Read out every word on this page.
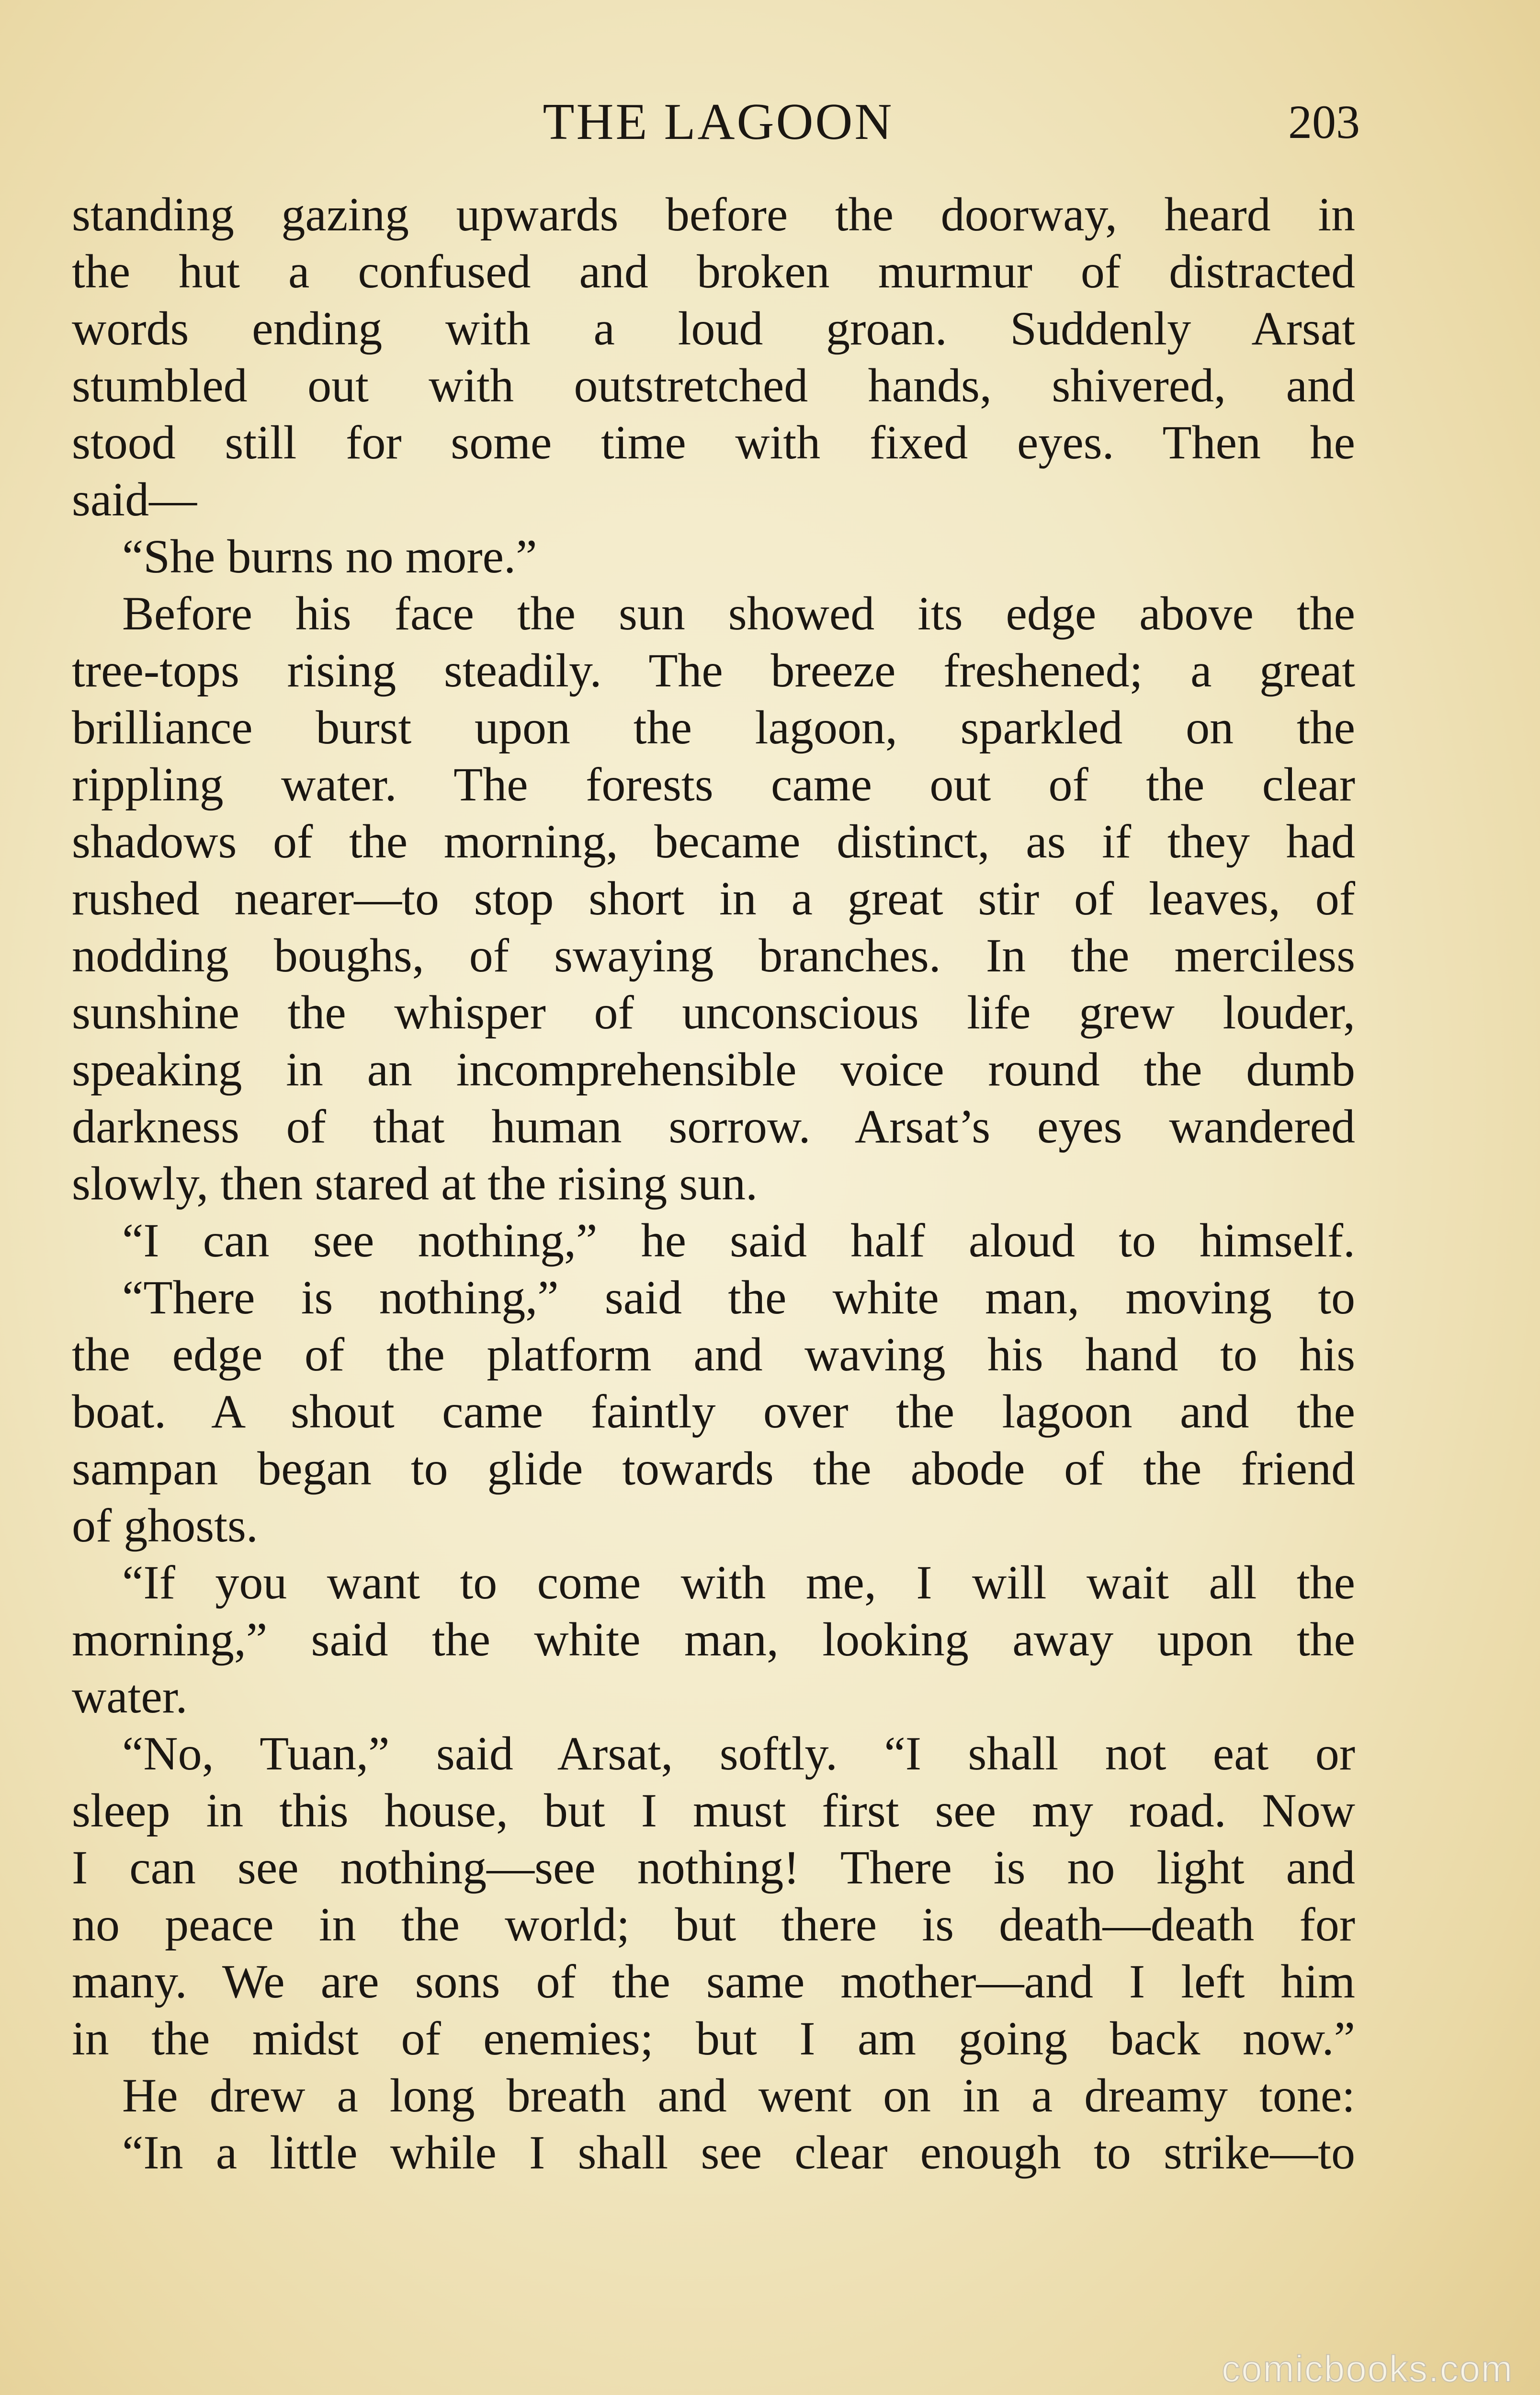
THE LAGOON	203
standing gazing upwards before the doorway, heard in
the hut a confused and broken murmur of distracted
words ending with a loud groan. Suddenly Arsat
stumbled out with outstretched hands, shivered, and
stood still for some time with fixed eyes. Then he
said—
“She burns no more.”
Before his face the sun showed its edge above the
tree-tops rising steadily. The breeze freshened; a great
brilliance burst upon the lagoon, sparkled on the
rippling water. The forests came out of the clear
shadows of the morning, became distinct, as if they had
rushed nearer—to stop short in a great stir of leaves, of
nodding boughs, of swaying branches. In the merciless
sunshine the whisper of unconscious life grew louder,
speaking in an incomprehensible voice round the dumb
darkness of that human sorrow. Arsat’s eyes wandered
slowly, then stared at the rising sun.
“I can see nothing,” he said half aloud to himself.
“There is nothing,” said the white man, moving to
the edge of the platform and waving his hand to his
boat. A shout came faintly over the lagoon and the
sampan began to glide towards the abode of the friend
of ghosts.
“If you want to come with me, I will wait all the
morning,” said the white man, looking away upon the
water.
“No, Tuan,” said Arsat, softly. “I shall not eat or
sleep in this house, but I must first see my road. Now
I can see nothing—see nothing! There is no light and
no peace in the world; but there is death—death for
many. We are sons of the same mother—and I left him
in the midst of enemies; but I am going back now.”
He drew a long breath and went on in a dreamy tone:
“In a little while I shall see clear enough to strike—to
comicbooks.com
